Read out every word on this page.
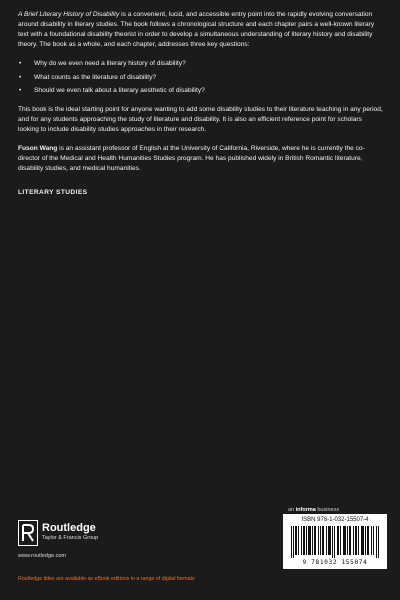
A Brief Literary History of Disability is a convenient, lucid, and accessible entry point into the rapidly evolving conversation around disability in literary studies. The book follows a chronological structure and each chapter pairs a well-known literary text with a foundational disability theorist in order to develop a simultaneous understanding of literary history and disability theory. The book as a whole, and each chapter, addresses three key questions:

• Why do we even need a literary history of disability?
• What counts as the literature of disability?
• Should we even talk about a literary aesthetic of disability?

This book is the ideal starting point for anyone wanting to add some disability studies to their literature teaching in any period, and for any students approaching the study of literature and disability. It is also an efficient reference point for scholars looking to include disability studies approaches in their research.

Fuson Wang is an assistant professor of English at the University of California, Riverside, where he is currently the co-director of the Medical and Health Humanities Studies program. He has published widely in British Romantic literature, disability studies, and medical humanities.

LITERARY STUDIES
an informa business
ISBN 978-1-032-15507-4
9 781032 155074
Routledge
Taylor & Francis Group
www.routledge.com
Routledge titles are available as eBook editions in a range of digital formats
